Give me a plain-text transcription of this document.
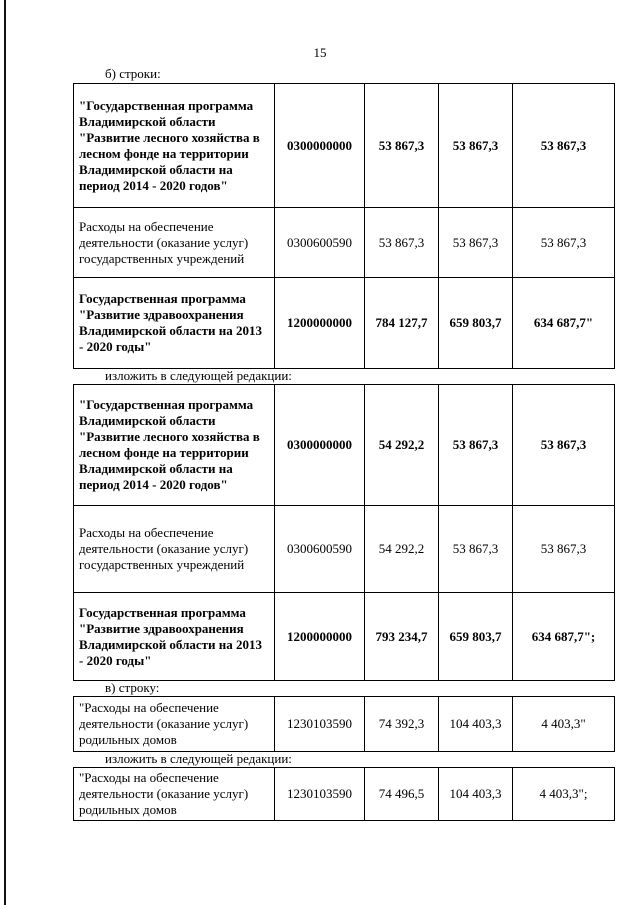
15
б) строки:
"Государственная программа Владимирской области "Развитие лесного хозяйства в лесном фонде на территории Владимирской области на период 2014 - 2020 годов"	0300000000	53 867,3	53 867,3	53 867,3
Расходы на обеспечение деятельности (оказание услуг) государственных учреждений	0300600590	53 867,3	53 867,3	53 867,3
Государственная программа "Развитие здравоохранения Владимирской области на 2013 - 2020 годы"	1200000000	784 127,7	659 803,7	634 687,7"
изложить в следующей редакции:
"Государственная программа Владимирской области "Развитие лесного хозяйства в лесном фонде на территории Владимирской области на период 2014 - 2020 годов"	0300000000	54 292,2	53 867,3	53 867,3
Расходы на обеспечение деятельности (оказание услуг) государственных учреждений	0300600590	54 292,2	53 867,3	53 867,3
Государственная программа "Развитие здравоохранения Владимирской области на 2013 - 2020 годы"	1200000000	793 234,7	659 803,7	634 687,7";
в) строку:
"Расходы на обеспечение деятельности (оказание услуг) родильных домов	1230103590	74 392,3	104 403,3	4 403,3"
изложить в следующей редакции:
"Расходы на обеспечение деятельности (оказание услуг) родильных домов	1230103590	74 496,5	104 403,3	4 403,3";
